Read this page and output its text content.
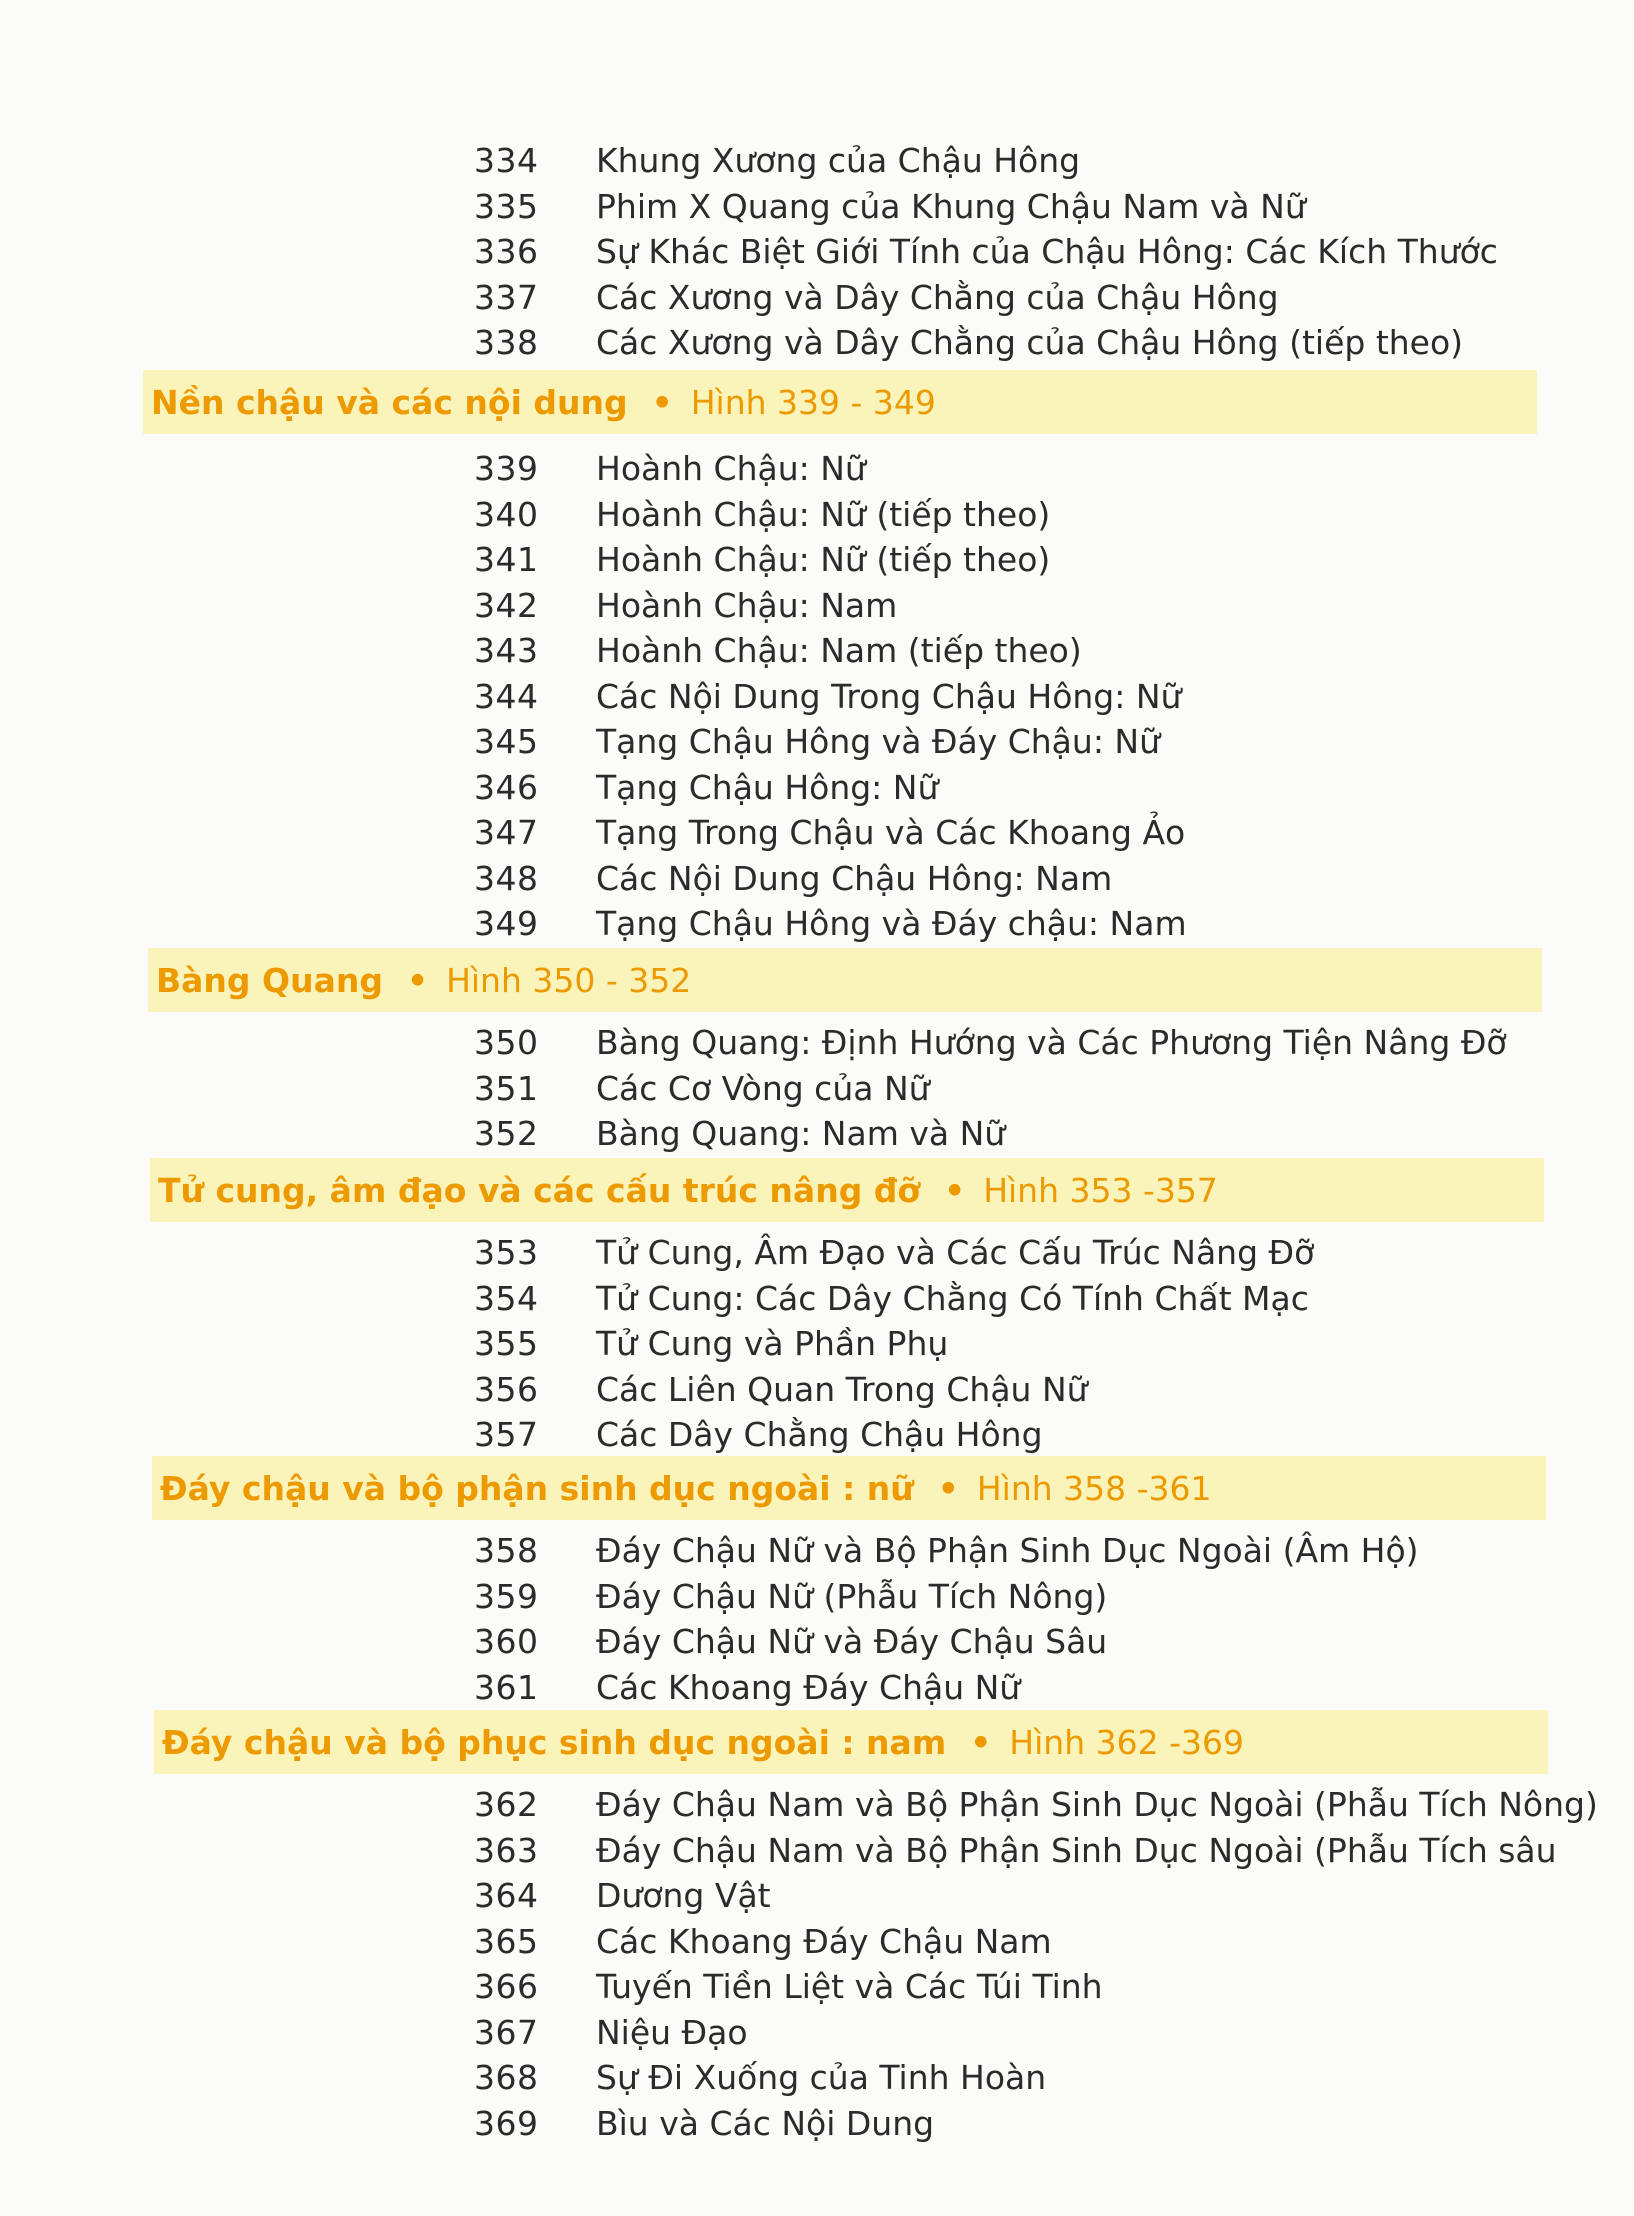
334 Khung Xương của Chậu Hông
335 Phim X Quang của Khung Chậu Nam và Nữ
336 Sự Khác Biệt Giới Tính của Chậu Hông: Các Kích Thước
337 Các Xương và Dây Chằng của Chậu Hông
338 Các Xương và Dây Chằng của Chậu Hông (tiếp theo)
Nền chậu và các nội dung • Hình 339 - 349
339 Hoành Chậu: Nữ
340 Hoành Chậu: Nữ (tiếp theo)
341 Hoành Chậu: Nữ (tiếp theo)
342 Hoành Chậu: Nam
343 Hoành Chậu: Nam (tiếp theo)
344 Các Nội Dung Trong Chậu Hông: Nữ
345 Tạng Chậu Hông và Đáy Chậu: Nữ
346 Tạng Chậu Hông: Nữ
347 Tạng Trong Chậu và Các Khoang Ảo
348 Các Nội Dung Chậu Hông: Nam
349 Tạng Chậu Hông và Đáy chậu: Nam
Bàng Quang • Hình 350 - 352
350 Bàng Quang: Định Hướng và Các Phương Tiện Nâng Đỡ
351 Các Cơ Vòng của Nữ
352 Bàng Quang: Nam và Nữ
Tử cung, âm đạo và các cấu trúc nâng đỡ • Hình 353 -357
353 Tử Cung, Âm Đạo và Các Cấu Trúc Nâng Đỡ
354 Tử Cung: Các Dây Chằng Có Tính Chất Mạc
355 Tử Cung và Phần Phụ
356 Các Liên Quan Trong Chậu Nữ
357 Các Dây Chằng Chậu Hông
Đáy chậu và bộ phận sinh dục ngoài : nữ • Hình 358 -361
358 Đáy Chậu Nữ và Bộ Phận Sinh Dục Ngoài (Âm Hộ)
359 Đáy Chậu Nữ (Phẫu Tích Nông)
360 Đáy Chậu Nữ và Đáy Chậu Sâu
361 Các Khoang Đáy Chậu Nữ
Đáy chậu và bộ phục sinh dục ngoài : nam • Hình 362 -369
362 Đáy Chậu Nam và Bộ Phận Sinh Dục Ngoài (Phẫu Tích Nông)
363 Đáy Chậu Nam và Bộ Phận Sinh Dục Ngoài (Phẫu Tích sâu
364 Dương Vật
365 Các Khoang Đáy Chậu Nam
366 Tuyến Tiền Liệt và Các Túi Tinh
367 Niệu Đạo
368 Sự Đi Xuống của Tinh Hoàn
369 Bìu và Các Nội Dung
